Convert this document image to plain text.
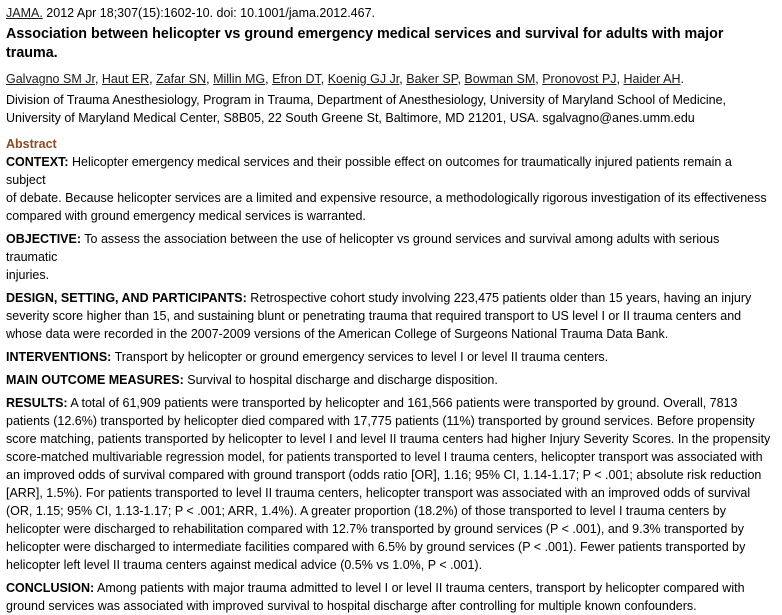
JAMA. 2012 Apr 18;307(15):1602-10. doi: 10.1001/jama.2012.467.

Association between helicopter vs ground emergency medical services and survival for adults with major trauma.

Galvagno SM Jr, Haut ER, Zafar SN, Millin MG, Efron DT, Koenig GJ Jr, Baker SP, Bowman SM, Pronovost PJ, Haider AH.

Division of Trauma Anesthesiology, Program in Trauma, Department of Anesthesiology, University of Maryland School of Medicine,
University of Maryland Medical Center, S8B05, 22 South Greene St, Baltimore, MD 21201, USA. sgalvagno@anes.umm.edu

Abstract

CONTEXT: Helicopter emergency medical services and their possible effect on outcomes for traumatically injured patients remain a subject
of debate. Because helicopter services are a limited and expensive resource, a methodologically rigorous investigation of its effectiveness
compared with ground emergency medical services is warranted.

OBJECTIVE: To assess the association between the use of helicopter vs ground services and survival among adults with serious traumatic
injuries.

DESIGN, SETTING, AND PARTICIPANTS: Retrospective cohort study involving 223,475 patients older than 15 years, having an injury
severity score higher than 15, and sustaining blunt or penetrating trauma that required transport to US level I or II trauma centers and
whose data were recorded in the 2007-2009 versions of the American College of Surgeons National Trauma Data Bank.

INTERVENTIONS: Transport by helicopter or ground emergency services to level I or level II trauma centers.

MAIN OUTCOME MEASURES: Survival to hospital discharge and discharge disposition.

RESULTS: A total of 61,909 patients were transported by helicopter and 161,566 patients were transported by ground. Overall, 7813
patients (12.6%) transported by helicopter died compared with 17,775 patients (11%) transported by ground services. Before propensity
score matching, patients transported by helicopter to level I and level II trauma centers had higher Injury Severity Scores. In the propensity
score-matched multivariable regression model, for patients transported to level I trauma centers, helicopter transport was associated with
an improved odds of survival compared with ground transport (odds ratio [OR], 1.16; 95% CI, 1.14-1.17; P < .001; absolute risk reduction
[ARR], 1.5%). For patients transported to level II trauma centers, helicopter transport was associated with an improved odds of survival
(OR, 1.15; 95% CI, 1.13-1.17; P < .001; ARR, 1.4%). A greater proportion (18.2%) of those transported to level I trauma centers by
helicopter were discharged to rehabilitation compared with 12.7% transported by ground services (P < .001), and 9.3% transported by
helicopter were discharged to intermediate facilities compared with 6.5% by ground services (P < .001). Fewer patients transported by
helicopter left level II trauma centers against medical advice (0.5% vs 1.0%, P < .001).

CONCLUSION: Among patients with major trauma admitted to level I or level II trauma centers, transport by helicopter compared with
ground services was associated with improved survival to hospital discharge after controlling for multiple known confounders.
